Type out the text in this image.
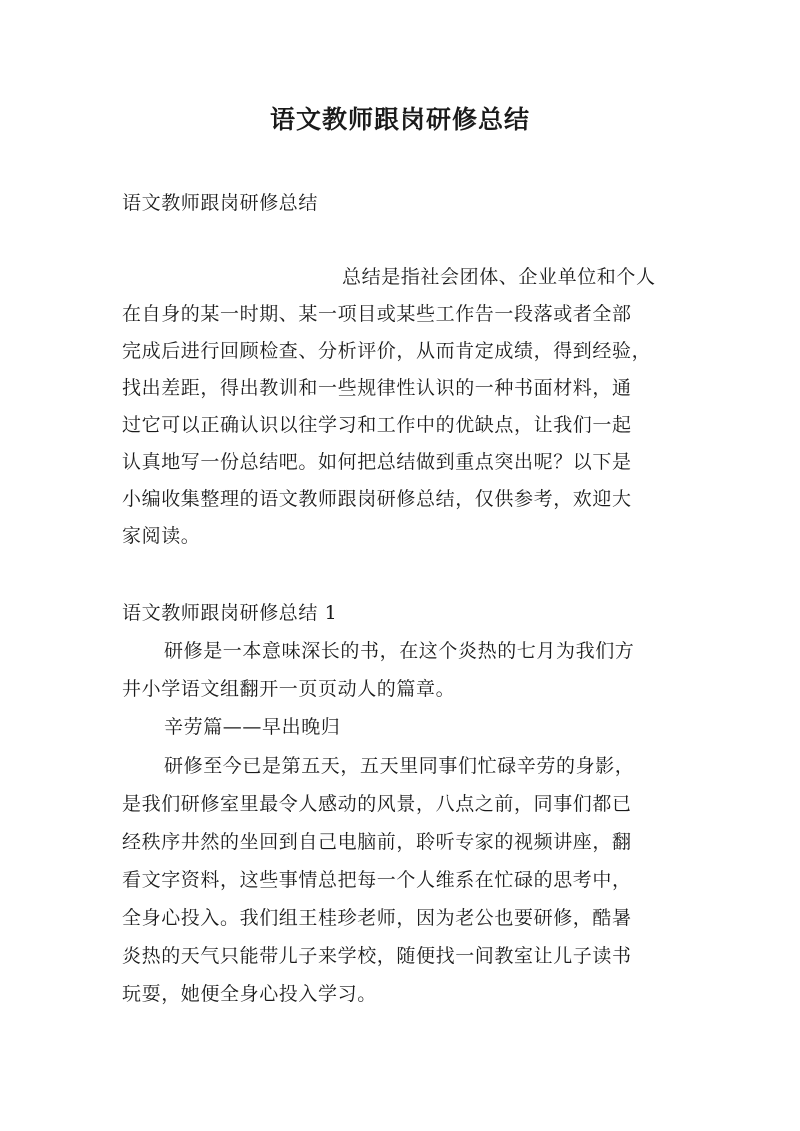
语文教师跟岗研修总结
语文教师跟岗研修总结
总结是指社会团体、企业单位和个人
在自身的某一时期、某一项目或某些工作告一段落或者全部
完成后进行回顾检查、分析评价，从而肯定成绩，得到经验，
找出差距，得出教训和一些规律性认识的一种书面材料，通
过它可以正确认识以往学习和工作中的优缺点，让我们一起
认真地写一份总结吧。如何把总结做到重点突出呢？以下是
小编收集整理的语文教师跟岗研修总结，仅供参考，欢迎大
家阅读。
语文教师跟岗研修总结 1
研修是一本意味深长的书，在这个炎热的七月为我们方
井小学语文组翻开一页页动人的篇章。
辛劳篇——早出晚归
研修至今已是第五天，五天里同事们忙碌辛劳的身影，
是我们研修室里最令人感动的风景，八点之前，同事们都已
经秩序井然的坐回到自己电脑前，聆听专家的视频讲座，翻
看文字资料，这些事情总把每一个人维系在忙碌的思考中，
全身心投入。我们组王桂珍老师，因为老公也要研修，酷暑
炎热的天气只能带儿子来学校，随便找一间教室让儿子读书
玩耍，她便全身心投入学习。
